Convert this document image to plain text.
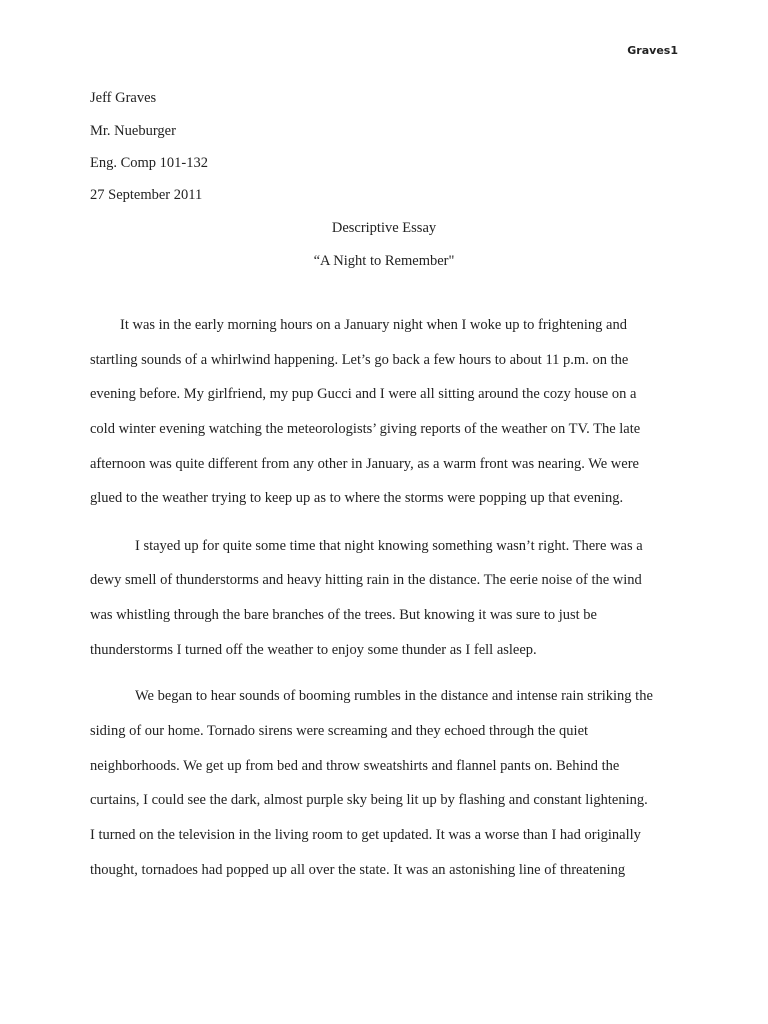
Graves1
Jeff Graves
Mr. Nueburger
Eng. Comp 101-132
27 September 2011
Descriptive Essay
“A Night to Remember"
It was in the early morning hours on a January night when I woke up to frightening and
startling sounds of a whirlwind happening. Let’s go back a few hours to about 11 p.m. on the
evening before. My girlfriend, my pup Gucci and I were all sitting around the cozy house on a
cold winter evening watching the meteorologists’ giving reports of the weather on TV. The late
afternoon was quite different from any other in January, as a warm front was nearing. We were
glued to the weather trying to keep up as to where the storms were popping up that evening.
I stayed up for quite some time that night knowing something wasn’t right. There was a
dewy smell of thunderstorms and heavy hitting rain in the distance. The eerie noise of the wind
was whistling through the bare branches of the trees. But knowing it was sure to just be
thunderstorms I turned off the weather to enjoy some thunder as I fell asleep.
We began to hear sounds of booming rumbles in the distance and intense rain striking the
siding of our home. Tornado sirens were screaming and they echoed through the quiet
neighborhoods. We get up from bed and throw sweatshirts and flannel pants on. Behind the
curtains, I could see the dark, almost purple sky being lit up by flashing and constant lightening.
I turned on the television in the living room to get updated. It was a worse than I had originally
thought, tornadoes had popped up all over the state. It was an astonishing line of threatening
